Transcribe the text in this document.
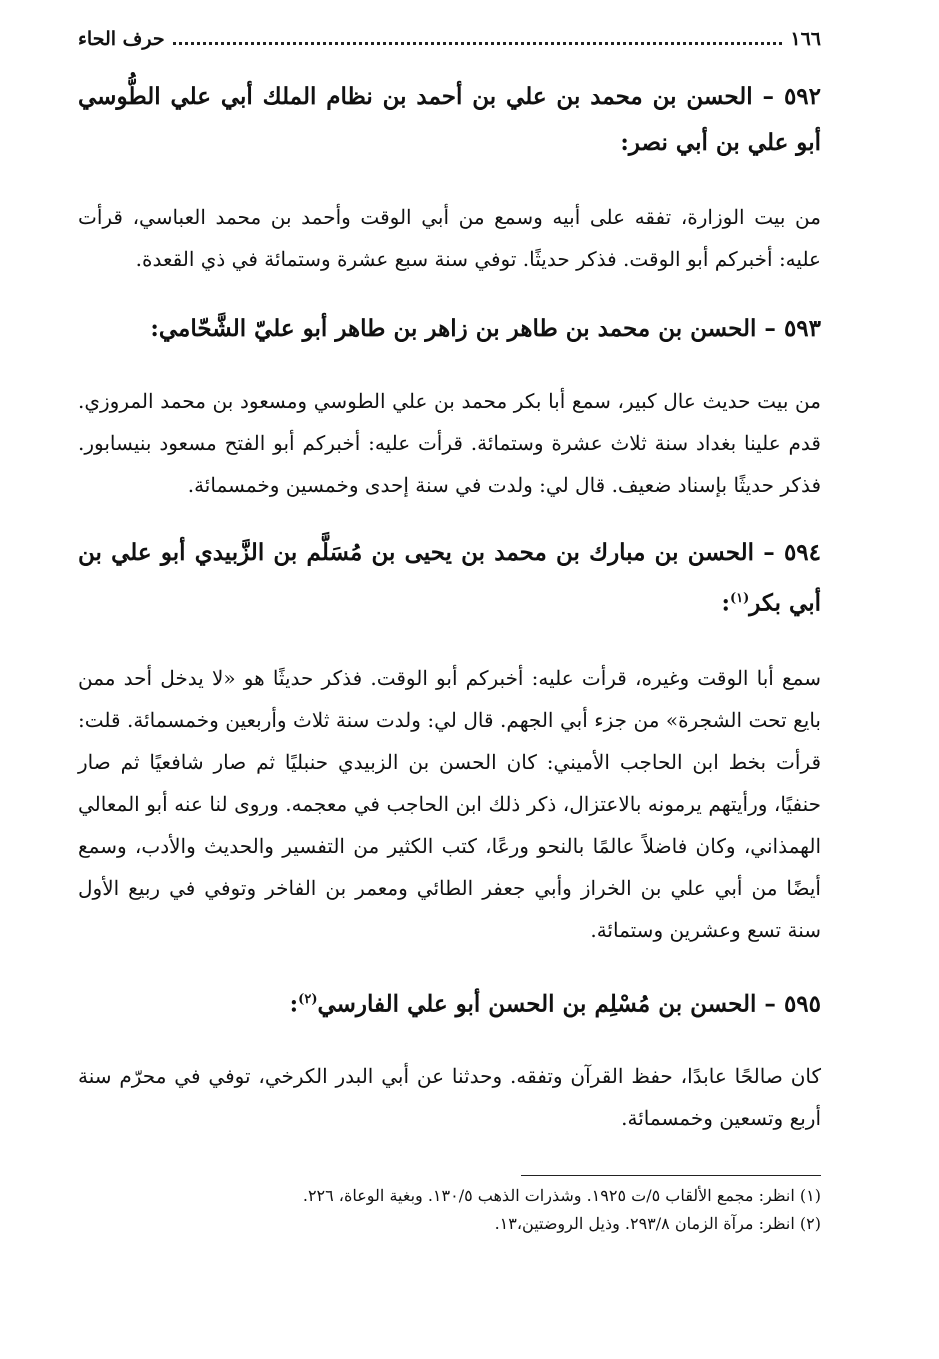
١٦٦
حرف الحاء

٥٩٢ – الحسن بن محمد بن علي بن أحمد بن نظام الملك أبي علي الطُّوسي أبو علي بن أبي نصر:

من بيت الوزارة، تفقه على أبيه وسمع من أبي الوقت وأحمد بن محمد العباسي، قرأت عليه: أخبركم أبو الوقت. فذكر حديثًا. توفي سنة سبع عشرة وستمائة في ذي القعدة.

٥٩٣ – الحسن بن محمد بن طاهر بن زاهر بن طاهر أبو عليّ الشَّحّامي:

من بيت حديث عال كبير، سمع أبا بكر محمد بن علي الطوسي ومسعود بن محمد المروزي. قدم علينا بغداد سنة ثلاث عشرة وستمائة. قرأت عليه: أخبركم أبو الفتح مسعود بنيسابور. فذكر حديثًا بإسناد ضعيف. قال لي: ولدت في سنة إحدى وخمسين وخمسمائة.

٥٩٤ – الحسن بن مبارك بن محمد بن يحيى بن مُسَلَّم بن الزَّبيدي أبو علي بن أبي بكر$^{(١)}$:

سمع أبا الوقت وغيره، قرأت عليه: أخبركم أبو الوقت. فذكر حديثًا هو «لا يدخل أحد ممن بايع تحت الشجرة» من جزء أبي الجهم. قال لي: ولدت سنة ثلاث وأربعين وخمسمائة. قلت: قرأت بخط ابن الحاجب الأميني: كان الحسن بن الزبيدي حنبليًا ثم صار شافعيًا ثم صار حنفيًا، ورأيتهم يرمونه بالاعتزال، ذكر ذلك ابن الحاجب في معجمه. وروى لنا عنه أبو المعالي الهمذاني، وكان فاضلاً عالمًا بالنحو ورعًا، كتب الكثير من التفسير والحديث والأدب، وسمع أيضًا من أبي علي بن الخراز وأبي جعفر الطائي ومعمر بن الفاخر وتوفي في ربيع الأول سنة تسع وعشرين وستمائة.

٥٩٥ – الحسن بن مُسْلِم بن الحسن أبو علي الفارسي$^{(٢)}$:

كان صالحًا عابدًا، حفظ القرآن وتفقه. وحدثنا عن أبي البدر الكرخي، توفي في محرّم سنة أربع وتسعين وخمسمائة.

(١) انظر: مجمع الألقاب ٥/ت ١٩٢٥. وشذرات الذهب ١٣٠/٥. وبغية الوعاة، ٢٢٦.

(٢) انظر: مرآة الزمان ٢٩٣/٨. وذيل الروضتين،١٣.
